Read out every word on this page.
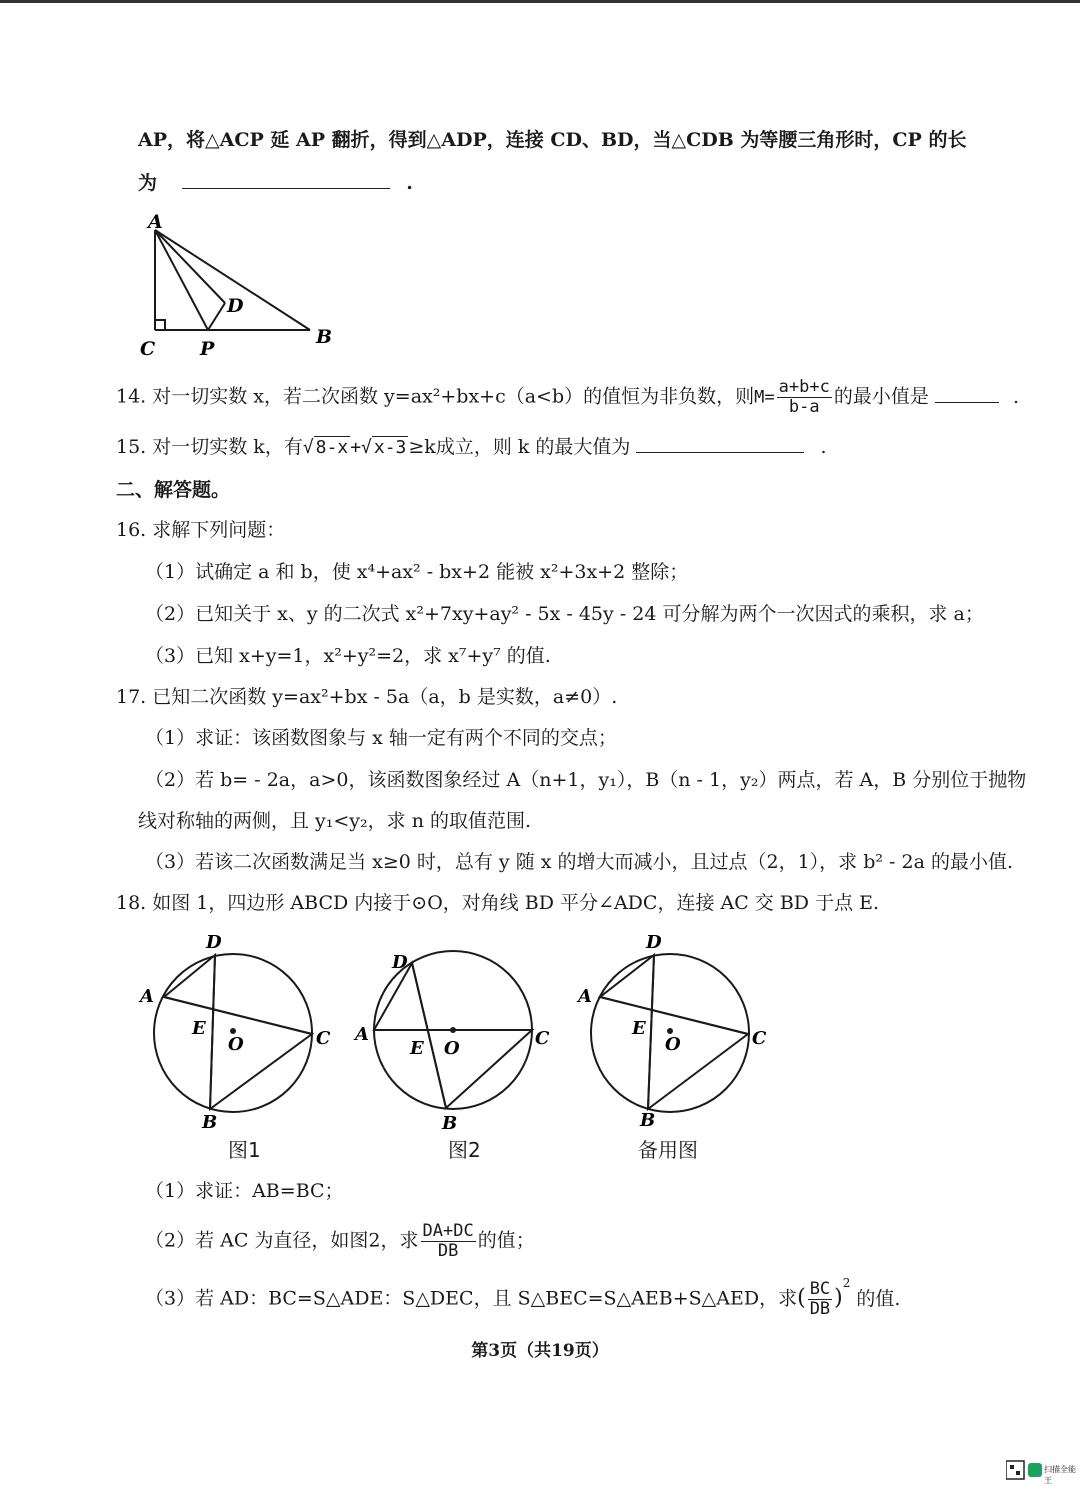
AP，将△ACP 延 AP 翻折，得到△ADP，连接 CD、BD，当△CDB 为等腰三角形时，CP 的长
为	.
A
D
B
C P
14. 对一切实数 x，若二次函数 y=ax²+bx+c（a<b）的值恒为非负数，则$M= \frac{a+b+c}{b-a}$ 的最小值是	.
15. 对一切实数 k，有√ 8-x +√ x-3 ≥k成立，则 k 的最大值为	.
二、解答题。
16. 求解下列问题：
（1）试确定 a 和 b，使 x⁴+ax² - bx+2 能被 x²+3x+2 整除；
（2）已知关于 x、y 的二次式 x²+7xy+ay² - 5x - 45y - 24 可分解为两个一次因式的乘积，求 a；
（3）已知 x+y=1，x²+y²=2，求 x⁷+y⁷ 的值.
17. 已知二次函数 y=ax²+bx - 5a（a，b 是实数，a≠0）.
（1）求证：该函数图象与 x 轴一定有两个不同的交点；
（2）若 b= - 2a，a>0，该函数图象经过 A（n+1，y₁），B（n - 1，y₂）两点，若 A，B 分别位于抛物
线对称轴的两侧，且 y₁<y₂，求 n 的取值范围.
（3）若该二次函数满足当 x≥0 时，总有 y 随 x 的增大而减小，且过点（2，1），求 b² - 2a 的最小值.
18. 如图 1，四边形 ABCD 内接于⊙O，对角线 BD 平分∠ADC，连接 AC 交 BD 于点 E.
D
A
C
B
E
O
图1
D
A	C
B
E O
图2
D
A
C
B
E
O
备用图
（1）求证：AB=BC；
（2）若 AC 为直径，如图2，求 $\frac{DA+DC}{DB}$ 的值；
（3）若 AD：BC=S△ADE：S△DEC，且 S△BEC=S△AEB+S△AED，求( $\frac{BC}{DB} )^2$的值.
第3页（共19页）
扫描全能王
